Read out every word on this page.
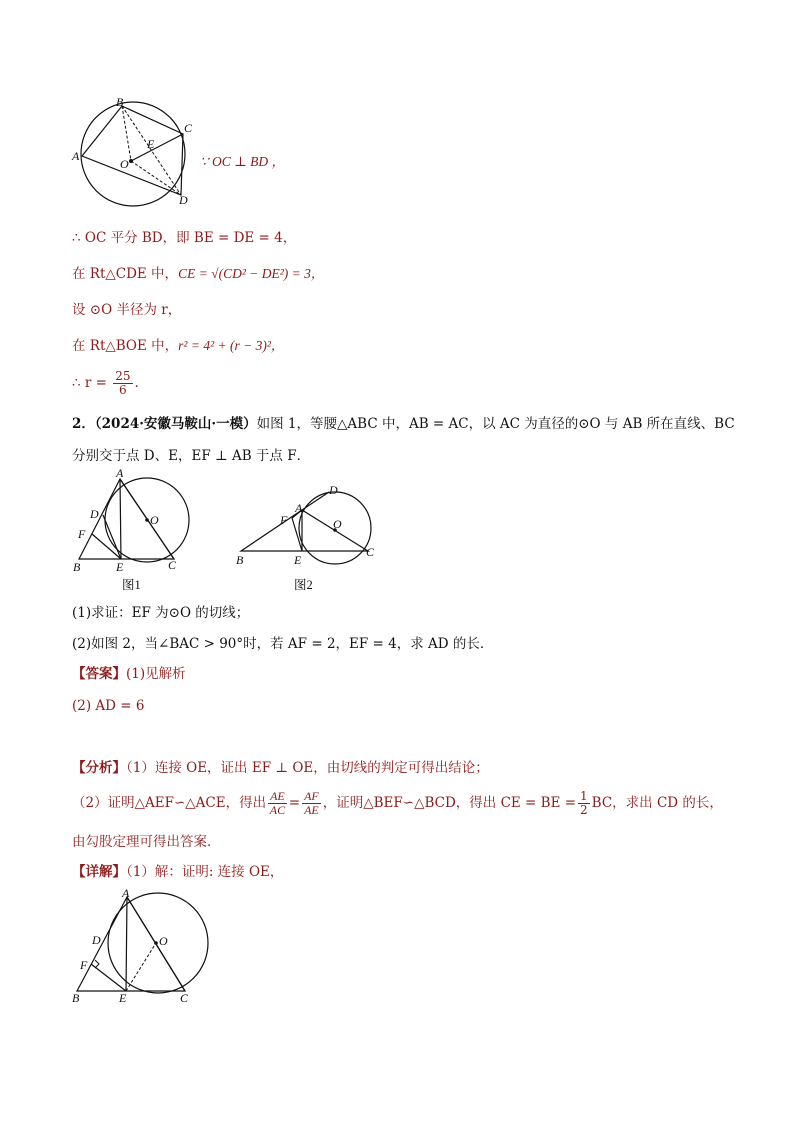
B
C
A
E
O
D
∵ OC ⊥ BD ，
∴ OC 平分 BD，即 BE = DE = 4，
在 Rt△CDE 中，CE = √(CD² − DE²) = 3，
设 ⊙O 半径为 r，
在 Rt△BOE 中，r² = 4² + (r − 3)²，
∴ $r = \frac{25}{6}$ .
2．（2024·安徽马鞍山·一模）如图 1，等腰△ABC 中，AB = AC，以 AC 为直径的⊙O 与 AB 所在直线、BC
分别交于点 D、E，EF ⊥ AB 于点 F．
A
D	O
F
B	E	C
图1
D
F
A
O
B	E
C
图2
(1)求证：EF 为⊙O 的切线；
(2)如图 2，当∠BAC > 90°时，若 AF = 2，EF = 4，求 AD 的长．
【答案】(1)见解析
(2) AD = 6
【分析】（1）连接 OE，证出 EF ⊥ OE，由切线的判定可得出结论；
（2）证明△AEF∽△ACE，得出 $\frac{AE}{AC} = \frac{AF}{AE}$ ，证明△BEF∽△BCD，得出 CE = BE = $\frac{1}{2}$ BC，求出 CD 的长，
由勾股定理可得出答案．
【详解】（1）解：证明: 连接 OE，
A
O
D
F
B	E	C
